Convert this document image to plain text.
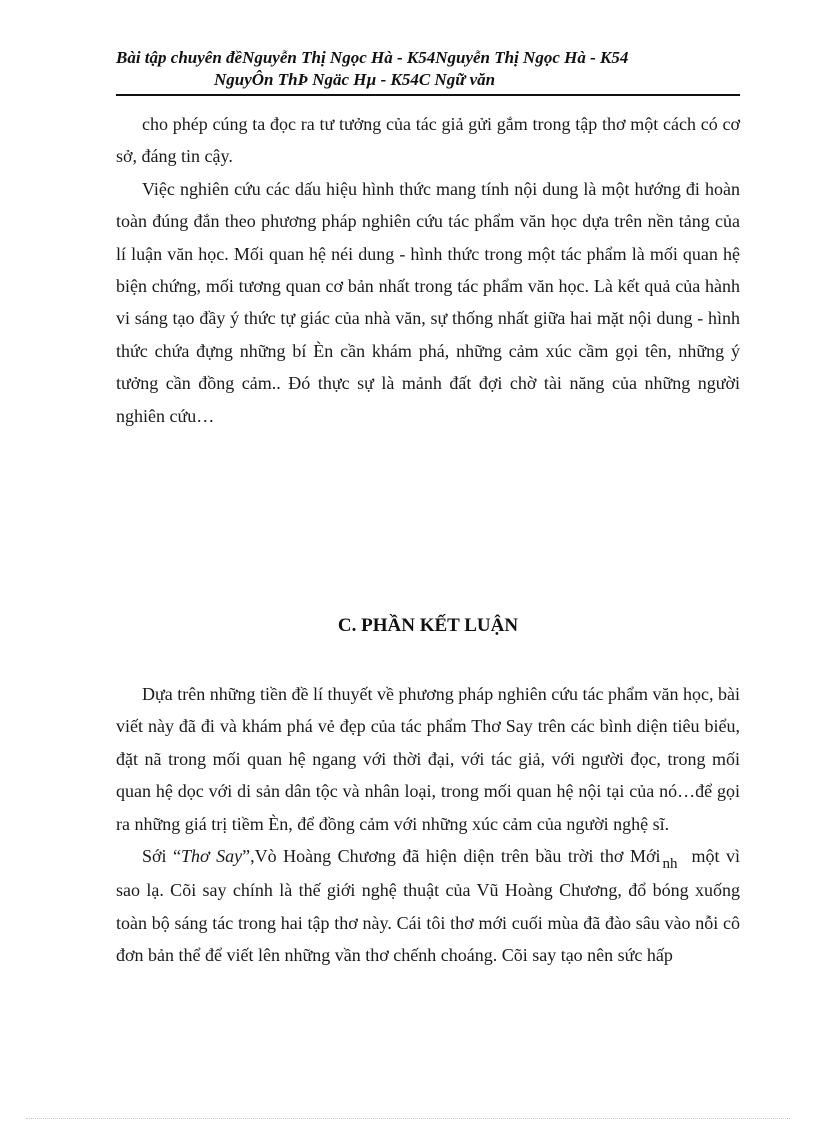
Bài tập chuyên đềNguyễn Thị Ngọc Hà - K54Nguyễn Thị Ngọc Hà - K54
NguyÔn ThÞ Ngäc Hµ - K54C Ngữ văn

cho phép cúng ta đọc ra tư tưởng của tác giả gửi gắm trong tập thơ một cách có cơ sở, đáng tin cậy.

Việc nghiên cứu các dấu hiệu hình thức mang tính nội dung là một hướng đi hoàn toàn đúng đắn theo phương pháp nghiên cứu tác phẩm văn học dựa trên nền tảng của lí luận văn học. Mối quan hệ néi dung - hình thức trong một tác phẩm là mối quan hệ biện chứng, mối tương quan cơ bản nhất trong tác phẩm văn học. Là kết quả của hành vi sáng tạo đầy ý thức tự giác của nhà văn, sự thống nhất giữa hai mặt nội dung - hình thức chứa đựng những bí Èn cần khám phá, những cảm xúc cầm gọi tên, những ý tưởng cần đồng cảm.. Đó thực sự là mảnh đất đợi chờ tài năng của những người nghiên cứu…

C. PHẦN KẾT LUẬN

Dựa trên những tiền đề lí thuyết về phương pháp nghiên cứu tác phẩm văn học, bài viết này đã đi và khám phá vẻ đẹp của tác phẩm Thơ Say trên các bình diện tiêu biểu, đặt nã trong mối quan hệ ngang với thời đại, với tác giả, với người đọc, trong mối quan hệ dọc với di sản dân tộc và nhân loại, trong mối quan hệ nội tại của nó…để gọi ra những giá trị tiềm Èn, để đồng cảm với những xúc cảm của người nghệ sĩ.

Sới “Thơ Say”,Vò Hoàng Chương đã hiện diện trên bầu trời thơ Mới $_{nh}$ một vì sao lạ. Cõi say chính là thế giới nghệ thuật của Vũ Hoàng Chương, đổ bóng xuống toàn bộ sáng tác trong hai tập thơ này. Cái tôi thơ mới cuối mùa đã đào sâu vào nỗi cô đơn bản thể để viết lên những vần thơ chếnh choáng. Cõi say tạo nên sức hấp
